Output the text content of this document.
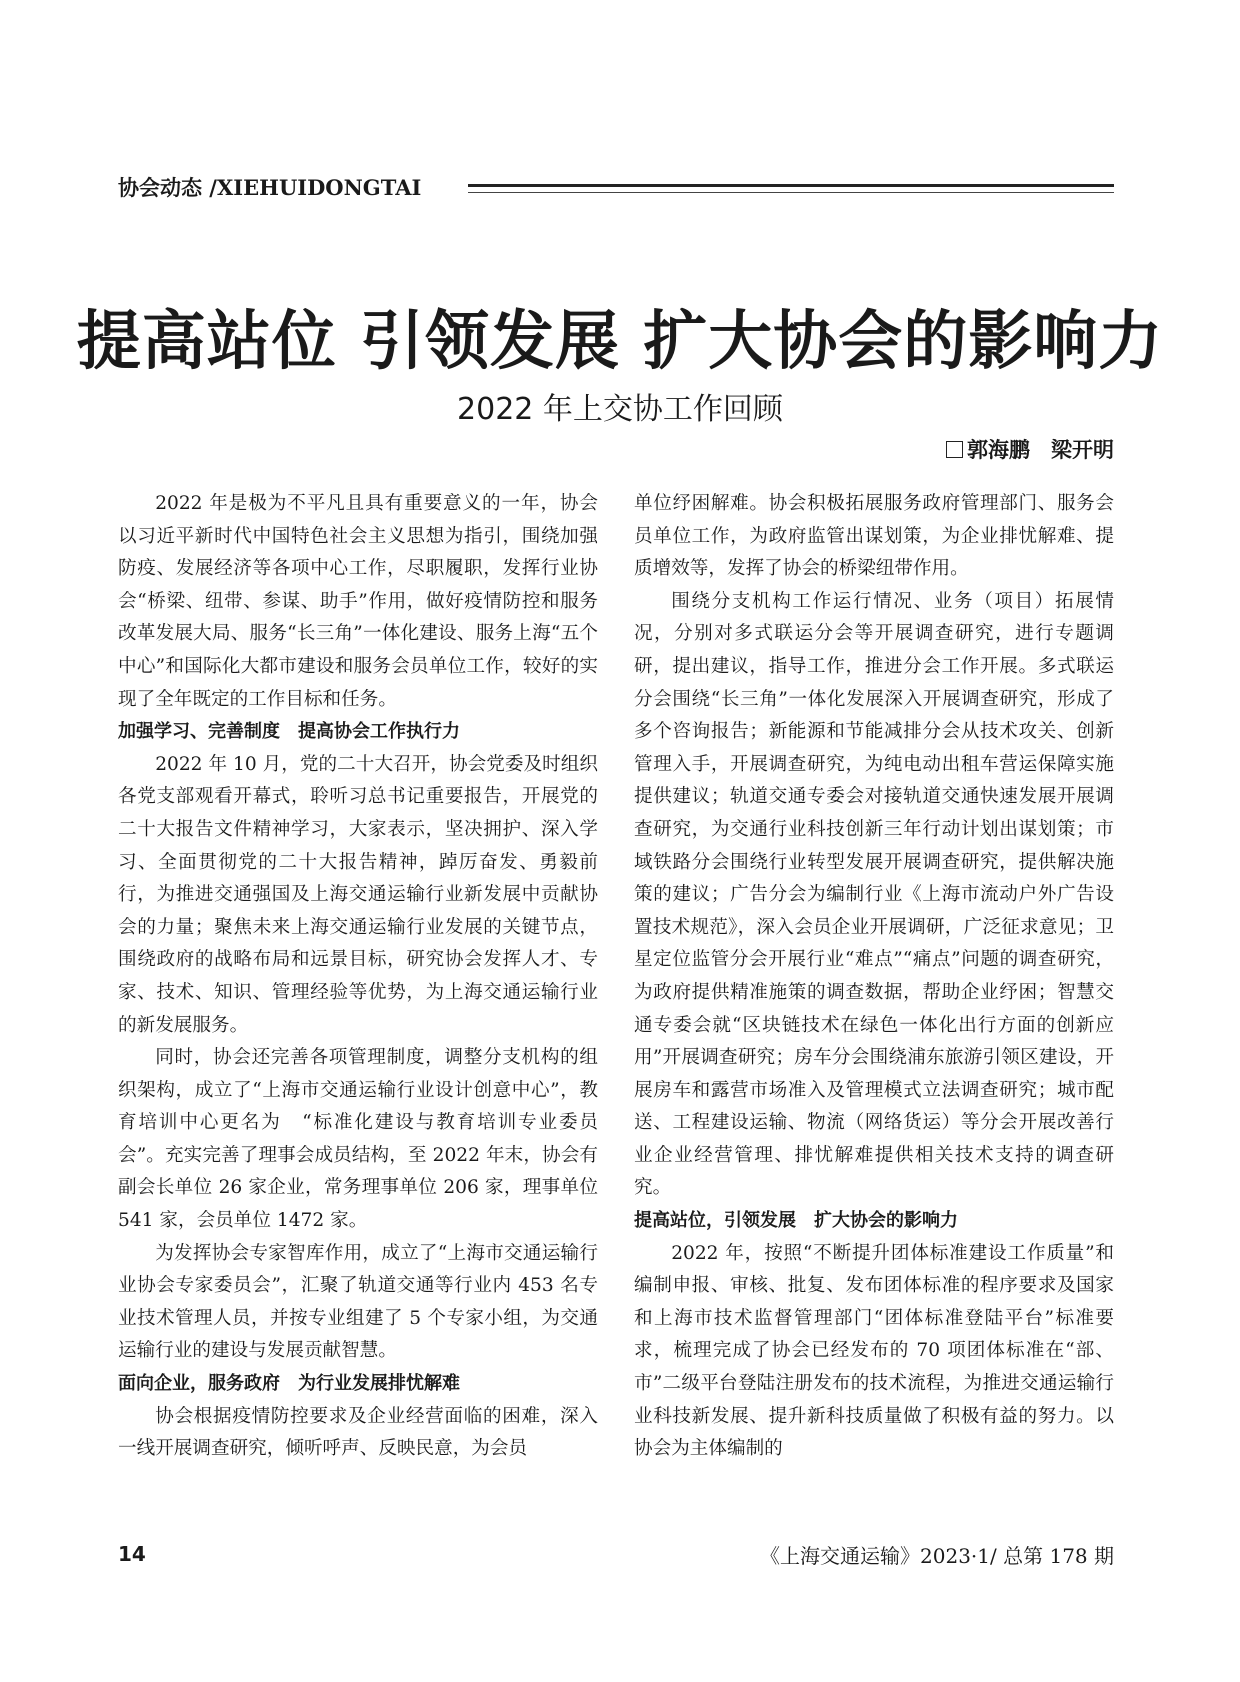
协会动态 /XIEHUIDONGTAI
提高站位 引领发展 扩大协会的影响力
2022 年上交协工作回顾
郭海鹏　梁开明

2022 年是极为不平凡且具有重要意义的一年，协会以习近平新时代中国特色社会主义思想为指引，围绕加强防疫、发展经济等各项中心工作，尽职履职，发挥行业协会“桥梁、纽带、参谋、助手”作用，做好疫情防控和服务改革发展大局、服务“长三角”一体化建设、服务上海“五个中心”和国际化大都市建设和服务会员单位工作，较好的实现了全年既定的工作目标和任务。

加强学习、完善制度　提高协会工作执行力

2022 年 10 月，党的二十大召开，协会党委及时组织各党支部观看开幕式，聆听习总书记重要报告，开展党的二十大报告文件精神学习，大家表示，坚决拥护、深入学习、全面贯彻党的二十大报告精神，踔厉奋发、勇毅前行，为推进交通强国及上海交通运输行业新发展中贡献协会的力量；聚焦未来上海交通运输行业发展的关键节点，围绕政府的战略布局和远景目标，研究协会发挥人才、专家、技术、知识、管理经验等优势，为上海交通运输行业的新发展服务。

同时，协会还完善各项管理制度，调整分支机构的组织架构，成立了“上海市交通运输行业设计创意中心”，教育培训中心更名为　“标准化建设与教育培训专业委员会”。充实完善了理事会成员结构，至 2022 年末，协会有副会长单位 26 家企业，常务理事单位 206 家，理事单位 541 家，会员单位 1472 家。

为发挥协会专家智库作用，成立了“上海市交通运输行业协会专家委员会”，汇聚了轨道交通等行业内 453 名专业技术管理人员，并按专业组建了 5 个专家小组，为交通运输行业的建设与发展贡献智慧。

面向企业，服务政府　为行业发展排忧解难

协会根据疫情防控要求及企业经营面临的困难，深入一线开展调查研究，倾听呼声、反映民意，为会员

单位纾困解难。协会积极拓展服务政府管理部门、服务会员单位工作，为政府监管出谋划策，为企业排忧解难、提质增效等，发挥了协会的桥梁纽带作用。

围绕分支机构工作运行情况、业务（项目）拓展情况，分别对多式联运分会等开展调查研究，进行专题调研，提出建议，指导工作，推进分会工作开展。多式联运分会围绕“长三角”一体化发展深入开展调查研究，形成了多个咨询报告；新能源和节能减排分会从技术攻关、创新管理入手，开展调查研究，为纯电动出租车营运保障实施提供建议；轨道交通专委会对接轨道交通快速发展开展调查研究，为交通行业科技创新三年行动计划出谋划策；市域铁路分会围绕行业转型发展开展调查研究，提供解决施策的建议；广告分会为编制行业《上海市流动户外广告设置技术规范》，深入会员企业开展调研，广泛征求意见；卫星定位监管分会开展行业“难点”“痛点”问题的调查研究，为政府提供精准施策的调查数据，帮助企业纾困；智慧交通专委会就“区块链技术在绿色一体化出行方面的创新应用”开展调查研究；房车分会围绕浦东旅游引领区建设，开展房车和露营市场准入及管理模式立法调查研究；城市配送、工程建设运输、物流（网络货运）等分会开展改善行业企业经营管理、排忧解难提供相关技术支持的调查研究。

提高站位，引领发展　扩大协会的影响力

2022 年，按照“不断提升团体标准建设工作质量”和编制申报、审核、批复、发布团体标准的程序要求及国家和上海市技术监督管理部门“团体标准登陆平台”标准要求，梳理完成了协会已经发布的 70 项团体标准在“部、市”二级平台登陆注册发布的技术流程，为推进交通运输行业科技新发展、提升新科技质量做了积极有益的努力。以协会为主体编制的

14	《上海交通运输》2023·1/ 总第 178 期
